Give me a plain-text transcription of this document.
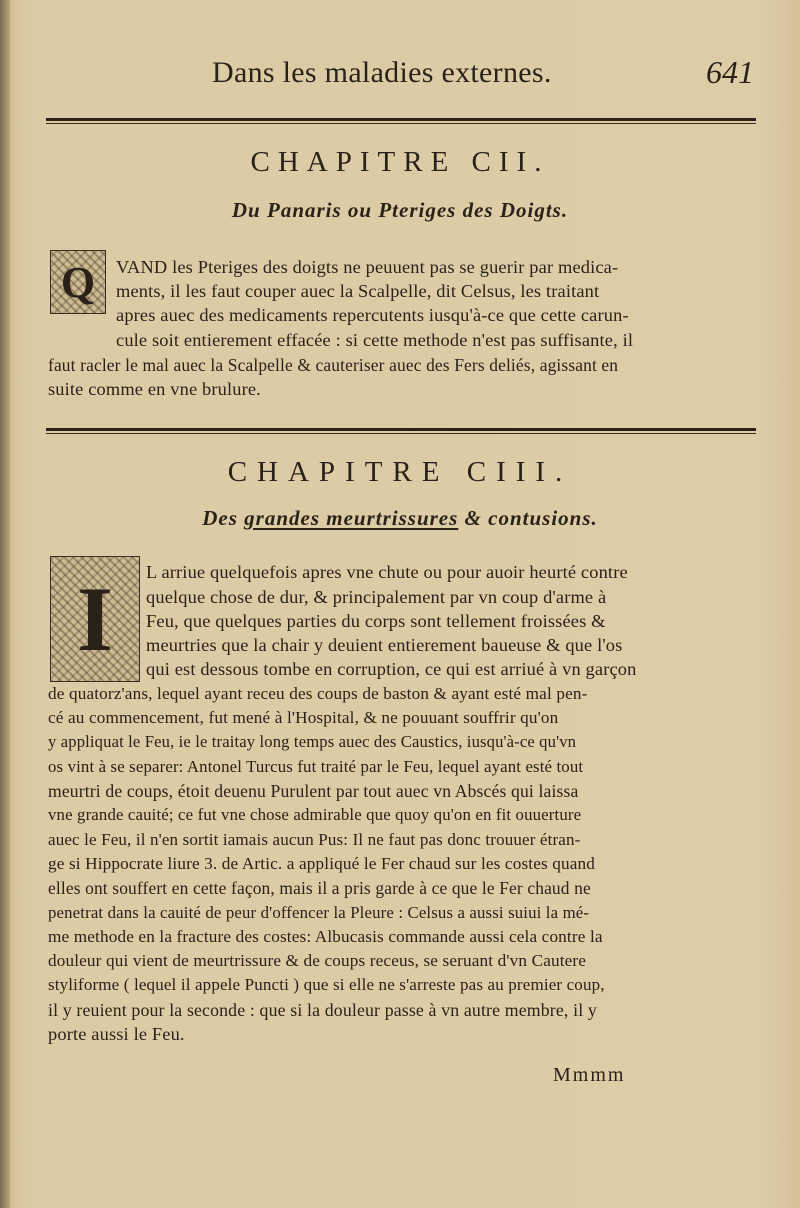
Dans les maladies externes.	641
CHAPITRE CII.
Du Panaris ou Pteriges des Doigts.
Q	VAND les Pteriges des doigts ne peuuent pas se guerir par medica-
ments, il les faut couper auec la Scalpelle, dit Celsus, les traitant
apres auec des medicaments repercutents iusqu'à-ce que cette carun-
cule soit entierement effacée : si cette methode n'est pas suffisante, il
faut racler le mal auec la Scalpelle & cauteriser auec des Fers deliés, agissant en
suite comme en vne brulure.
CHAPITRE CIII.
Des grandes meurtrissures & contusions.
I	L arriue quelquefois apres vne chute ou pour auoir heurté contre
quelque chose de dur, & principalement par vn coup d'arme à
Feu, que quelques parties du corps sont tellement froissées &
meurtries que la chair y deuient entierement baueuse & que l'os
qui est dessous tombe en corruption, ce qui est arriué à vn garçon
de quatorz'ans, lequel ayant receu des coups de baston & ayant esté mal pen-
cé au commencement, fut mené à l'Hospital, & ne pouuant souffrir qu'on
y appliquat le Feu, ie le traitay long temps auec des Caustics, iusqu'à-ce qu'vn
os vint à se separer: Antonel Turcus fut traité par le Feu, lequel ayant esté tout
meurtri de coups, étoit deuenu Purulent par tout auec vn Abscés qui laissa
vne grande cauité; ce fut vne chose admirable que quoy qu'on en fit ouuerture
auec le Feu, il n'en sortit iamais aucun Pus: Il ne faut pas donc trouuer étran-
ge si Hippocrate liure 3. de Artic. a appliqué le Fer chaud sur les costes quand
elles ont souffert en cette façon, mais il a pris garde à ce que le Fer chaud ne
penetrat dans la cauité de peur d'offencer la Pleure : Celsus a aussi suiui la mé-
me methode en la fracture des costes: Albucasis commande aussi cela contre la
douleur qui vient de meurtrissure & de coups receus, se seruant d'vn Cautere
styliforme ( lequel il appele Puncti ) que si elle ne s'arreste pas au premier coup,
il y reuient pour la seconde : que si la douleur passe à vn autre membre, il y
porte aussi le Feu.
Mmmm
